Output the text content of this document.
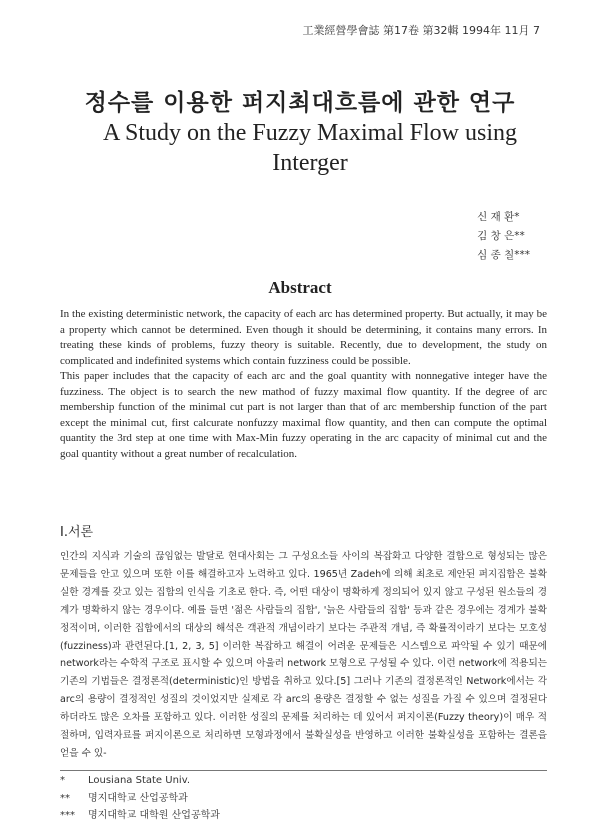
工業經營學會誌 第17卷 第32輯 1994年 11月 7
정수를 이용한 퍼지최대흐름에 관한 연구
A Study on the Fuzzy Maximal Flow using Interger
신 재 환*
김 창 은**
심 종 칠***
Abstract

In the existing deterministic network, the capacity of each arc has determined property. But actually, it may be a property which cannot be determined. Even though it should be determining, it contains many errors. In treating these kinds of problems, fuzzy theory is suitable. Recently, due to development, the study on complicated and indefinited systems which contain fuzziness could be possible.

This paper includes that the capacity of each arc and the goal quantity with nonnegative integer have the fuzziness. The object is to search the new mathod of fuzzy maximal flow quantity. If the degree of arc membership function of the minimal cut part is not larger than that of arc membership function of the part except the minimal cut, first calcurate nonfuzzy maximal flow quantity, and then can compute the optimal quantity the 3rd step at one time with Max-Min fuzzy operating in the arc capacity of minimal cut and the goal quantity without a great number of recalculation.

Ⅰ.서론
인간의 지식과 기술의 끊임없는 발달로 현대사회는 그 구성요소들 사이의 복잡화고 다양한 결합으로 형성되는 많은 문제들을 안고 있으며 또한 이를 해결하고자 노력하고 있다. 1965년 Zadeh에 의해 최초로 제안된 퍼지집합은 불확실한 경계를 갖고 있는 집합의 인식을 기초로 한다. 즉, 어떤 대상이 명확하게 정의되어 있지 않고 구성된 원소들의 경계가 명확하지 않는 경우이다. 예를 들면 '젊은 사람들의 집합', '늙은 사람들의 집합' 등과 같은 경우에는 경계가 불확정적이며, 이러한 집합에서의 대상의 해석은 객관적 개념이라기 보다는 주관적 개념, 즉 확률적이라기 보다는 모호성(fuzziness)과 관련된다.[1, 2, 3, 5] 이러한 복잡하고 해결이 어려운 문제들은 시스템으로 파악될 수 있기 때문에 network라는 수학적 구조로 표시할 수 있으며 아울러 network 모형으로 구성될 수 있다. 이런 network에 적용되는 기존의 기법들은 결정론적(deterministic)인 방법을 취하고 있다.[5] 그러나 기존의 결정론적인 Network에서는 각 arc의 용량이 결정적인 성질의 것이었지만 실제로 각 arc의 용량은 결정할 수 없는 성질을 가질 수 있으며 결정된다 하더라도 많은 오차를 포함하고 있다. 이러한 성질의 문제를 처리하는 데 있어서 퍼지이론(Fuzzy theory)이 매우 적절하며, 입력자료를 퍼지이론으로 처리하면 모형과정에서 불확실성을 반영하고 이러한 불확실성을 포함하는 결론을 얻을 수 있-
*	Lousiana State Univ.
**	명지대학교 산업공학과
***	명지대학교 대학원 산업공학과
